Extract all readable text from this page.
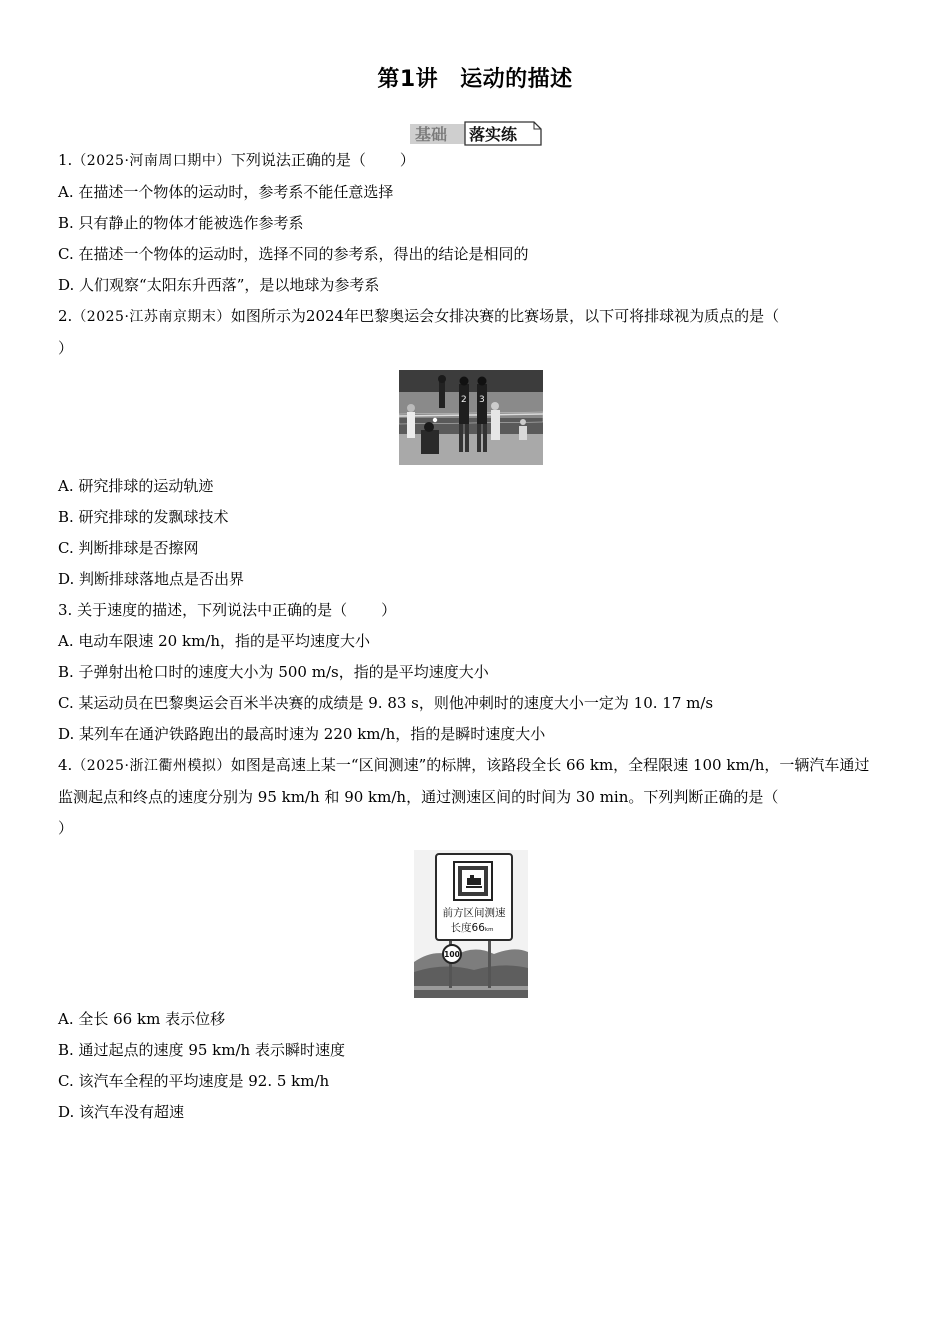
第1讲 运动的描述
基础 落实练
1.（2025·河南周口期中）下列说法正确的是（ ）
A. 在描述一个物体的运动时，参考系不能任意选择
B. 只有静止的物体才能被选作参考系
C. 在描述一个物体的运动时，选择不同的参考系，得出的结论是相同的
D. 人们观察“太阳东升西落”，是以地球为参考系
2.（2025·江苏南京期末）如图所示为2024年巴黎奥运会女排决赛的比赛场景，以下可将排球视为质点的是（
）
2 3
A. 研究排球的运动轨迹
B. 研究排球的发飘球技术
C. 判断排球是否擦网
D. 判断排球落地点是否出界
3. 关于速度的描述，下列说法中正确的是（ ）
A. 电动车限速 20 km/h，指的是平均速度大小
B. 子弹射出枪口时的速度大小为 500 m/s，指的是平均速度大小
C. 某运动员在巴黎奥运会百米半决赛的成绩是 9. 83 s，则他冲刺时的速度大小一定为 10. 17 m/s
D. 某列车在通沪铁路跑出的最高时速为 220 km/h，指的是瞬时速度大小
4.（2025·浙江衢州模拟）如图是高速上某一“区间测速”的标牌，该路段全长 66 km，全程限速 100 km/h，一辆汽车通过监测起点和终点的速度分别为 95 km/h 和 90 km/h，通过测速区间的时间为 30 min。下列判断正确的是（
）
前方区间测速
长度66km
100
A. 全长 66 km 表示位移
B. 通过起点的速度 95 km/h 表示瞬时速度
C. 该汽车全程的平均速度是 92. 5 km/h
D. 该汽车没有超速
